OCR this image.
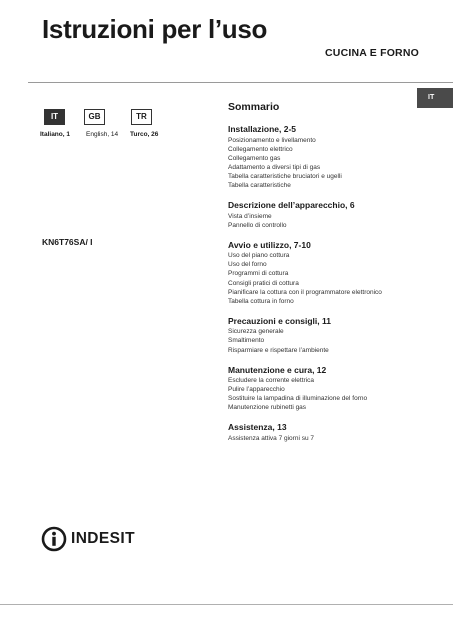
Istruzioni per l’uso
CUCINA E FORNO
IT
IT	GB	TR
Italiano, 1 English, 14 Turco, 26
KN6T76SA/ I
Sommario
Installazione, 2-5
Posizionamento e livellamento
Collegamento elettrico
Collegamento gas
Adattamento a diversi tipi di gas
Tabella caratteristiche bruciatori e ugelli
Tabella caratteristiche
Descrizione dell’apparecchio, 6
Vista d’insieme
Pannello di controllo
Avvio e utilizzo, 7-10
Uso del piano cottura
Uso del forno
Programmi di cottura
Consigli pratici di cottura
Pianificare la cottura con il programmatore elettronico
Tabella cottura in forno
Precauzioni e consigli, 11
Sicurezza generale
Smaltimento
Risparmiare e rispettare l’ambiente
Manutenzione e cura, 12
Escludere la corrente elettrica
Pulire l’apparecchio
Sostituire la lampadina di illuminazione del forno
Manutenzione rubinetti gas
Assistenza, 13
Assistenza attiva 7 giorni su 7
INDESIT
